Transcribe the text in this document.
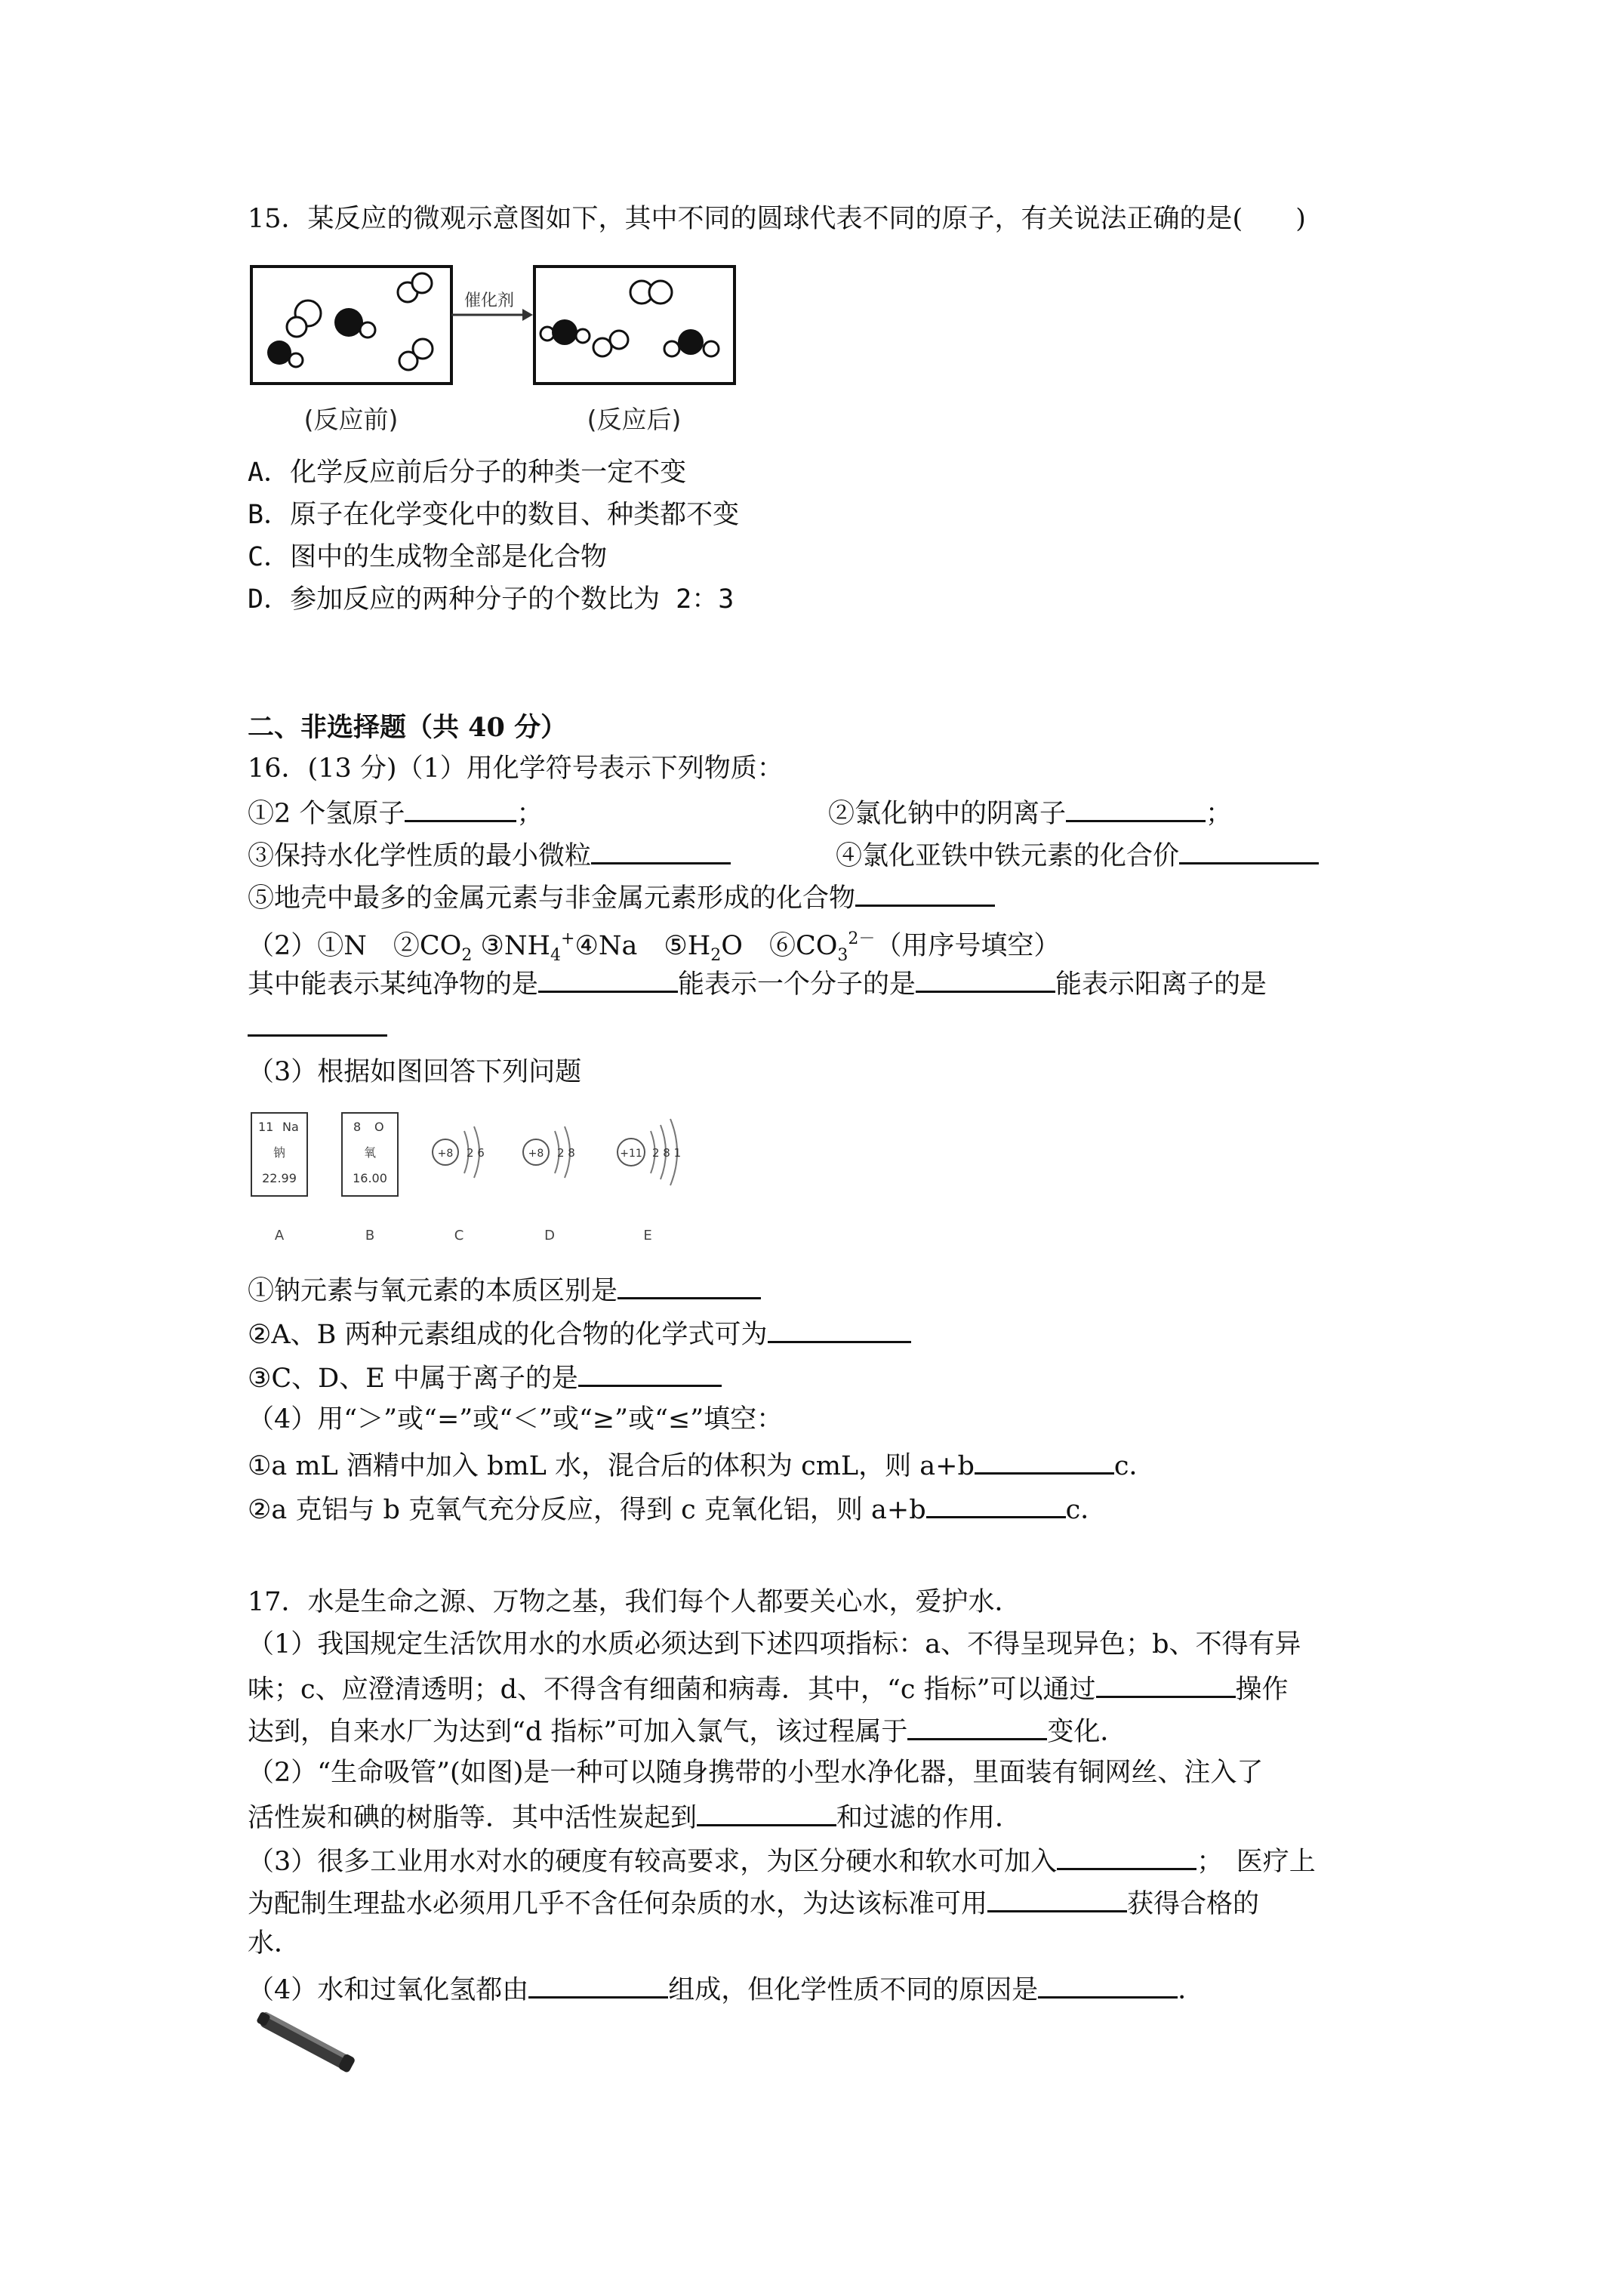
15．某反应的微观示意图如下，其中不同的圆球代表不同的原子，有关说法正确的是(　　)
催化剂
(反应前)	(反应后)
A．化学反应前后分子的种类一定不变
B．原子在化学变化中的数目、种类都不变
C．图中的生成物全部是化合物
D．参加反应的两种分子的个数比为 2：3
二、非选择题（共 40 分）
16．(13 分)（1）用化学符号表示下列物质：
①2 个氢原子	；	②氯化钠中的阴离子	；
③保持水化学性质的最小微粒	④氯化亚铁中铁元素的化合价
⑤地壳中最多的金属元素与非金属元素形成的化合物
（2）①N　$②CO_2$ $③NH_4^+④Na$　$⑤H_2O$　$⑥CO_3^{2-}$（用序号填空）
其中能表示某纯净物的是	能表示一个分子的是	能表示阳离子的是
（3）根据如图回答下列问题
11 Na
钠
22.99
8 O
氧
16.00
+8 2 6	+8 2 8	+11 2 8 1
A	B	C	D	E
①钠元素与氧元素的本质区别是
②A、B 两种元素组成的化合物的化学式可为
③C、D、E 中属于离子的是
（4）用“＞”或“=”或“＜”或“≥”或“≤”填空：
①a mL 酒精中加入 bmL 水，混合后的体积为 cmL，则 a+b	c．
②a 克铝与 b 克氧气充分反应，得到 c 克氧化铝，则 a+b	c．
17．水是生命之源、万物之基，我们每个人都要关心水，爱护水．
（1）我国规定生活饮用水的水质必须达到下述四项指标：a、不得呈现异色；b、不得有异
味；c、应澄清透明；d、不得含有细菌和病毒．其中，“c 指标”可以通过	操作
达到，自来水厂为达到“d 指标”可加入氯气，该过程属于	变化．
（2）“生命吸管”(如图)是一种可以随身携带的小型水净化器，里面装有铜网丝、注入了
活性炭和碘的树脂等．其中活性炭起到	和过滤的作用．
（3）很多工业用水对水的硬度有较高要求，为区分硬水和软水可加入	；　医疗上
为配制生理盐水必须用几乎不含任何杂质的水，为达该标准可用	获得合格的
水．
（4）水和过氧化氢都由	组成，但化学性质不同的原因是	．
